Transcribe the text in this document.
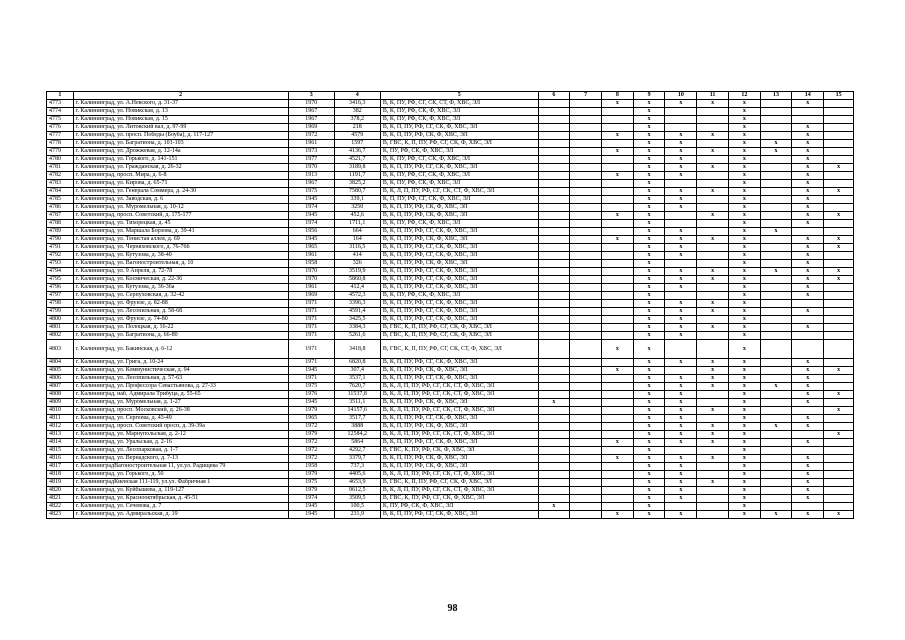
1	2	3	4	5	6	7	8	9	10	11	12	13	14	15
4773	г. Калининград, ул. А.Невского, д. 31-37	1970	3416,3	В, К, ПУ, РФ, СГ, СК, СТ, Ф, ХВС, ЭЛ			x	x	x	x	x		x	
4774	г. Калининград, ул. Новикская, д. 13	1967	382	В, К, ПУ, РФ, СК, Ф, ХВС, ЭЛ				x			x			
4775	г. Калининград, ул. Новикская, д. 15	1967	378,2	В, К, ПУ, РФ, СК, Ф, ХВС, ЭЛ				x			x			
4776	г. Калининград, ул. Литовский вал, д. 97-99	1969	218	В, К, П, ПУ, РФ, СГ, СК, Ф, ХВС, ЭЛ				x			x		x	
4777	г. Калининград, ул. просп. Победы (Боуба), д. 117-127	1972	4579	В, К, П, ПУ, РФ, СК, Ф, ХВС, ЭЛ			x	x	x	x	x		x	
4778	г. Калининград, ул. Багратиона, д. 101-103	1961	1597	В, ГВС, К, П, ПУ, РФ, СГ, СК, Ф, ХВС, ЭЛ				x	x		x	x	x	
4779	г. Калининград, ул. Дрожжевая, д. 12-14а	1973	4136,7	К, ПУ, РФ, СК, Ф, ХВС, ЭЛ			x	x	x	x	x	x	x	
4780	г. Калининград, ул. Горького, д. 141-151	1977	4521,7	В, К, ПУ, РФ, СГ, СК, Ф, ХВС, ЭЛ				x	x		x		x	
4781	г. Калининград, ул. Гражданская, д. 26-32	1970	3189,8	В, К, П, ПУ, РФ, СГ, СК, Ф, ХВС, ЭЛ				x	x	x	x		x	x
4782	г. Калининград, просп. Мира, д. 6-8	1913	1191,7	В, К, ПУ, РФ, СГ, СК, Ф, ХВС, ЭЛ			x	x	x		x		x	
4783	г. Калининград, ул. Кирова, д. 65-71	1967	3825,2	В, К, ПУ, РФ, СК, Ф, ХВС, ЭЛ				x			x		x	
4784	г. Калининград, ул. Генерала Соммера, д. 24-30	1975	7580,7	В, К, Л, П, ПУ, РФ, СГ, СК, СТ, Ф, ХВС, ЭЛ				x	x	x	x		x	x
4785	г. Калининград, ул. Заводская, д. 6	1945	339,1	К, П, ПУ, РФ, СГ, СК, Ф, ХВС, ЭЛ				x	x		x		x	
4786	г. Калининград, ул. Муромельная, д. 10-12	1974	3250	В, К, П, ПУ, РФ, СК, Ф, ХВС, ЭЛ				x	x		x		x	
4787	г. Калининград, просп. Советский, д. 175-177	1945	452,6	В, К, П, ПУ, РФ, СК, Ф, ХВС, ЭЛ			x	x		x	x		x	x
4788	г. Калининград, ул. Тихорецкая, д. 45	1974	1711,1	В, К, ПУ, РФ, СК, Ф, ХВС, ЭЛ				x			x		x	
4789	г. Калининград, ул. Маршала Борзова, д. 39-41	1956	664	В, К, П, ПУ, РФ, СГ, СК, Ф, ХВС, ЭЛ				x	x		x	x		
4790	г. Калининград, ул. Тенистая аллея, д. 69	1945	164	В, К, П, ПУ, РФ, СК, Ф, ХВС, ЭЛ			x	x	x	x	x		x	x
4791	г. Калининград, ул. Черняховского, д. 76-76б	1965	3116,5	В, К, П, ПУ, РФ, СГ, СК, Ф, ХВС, ЭЛ				x	x		x		x	x
4792	г. Калининград, ул. Кутузова, д. 38-40	1961	414	В, К, П, ПУ, РФ, СГ, СК, Ф, ХВС, ЭЛ				x	x		x		x	
4793	г. Калининград, ул. Вагоностроительная, д. 10	1958	326	В, К, П, ПУ, РФ, СК, Ф, ХВС, ЭЛ				x			x		x	
4794	г. Калининград, ул. 9 Апреля, д. 72-78	1970	3519,9	В, К, П, ПУ, РФ, СГ, СК, Ф, ХВС, ЭЛ				x	x	x	x	x	x	x
4795	г. Калининград, ул. Космическая, д. 22-36	1970	5860,8	В, К, П, ПУ, РФ, СГ, СК, Ф, ХВС, ЭЛ				x	x	x	x		x	x
4796	г. Калининград, ул. Кутузова, д. 36-36а	1961	412,4	В, К, П, ПУ, РФ, СГ, СК, Ф, ХВС, ЭЛ				x	x		x		x	
4797	г. Калининград, ул. Серпуховская, д. 32-42	1969	4572,3	В, К, ПУ, РФ, СК, Ф, ХВС, ЭЛ				x			x		x	
4798	г. Калининград, ул. Фрунзе, д. 82-88	1971	3396,3	В, К, П, ПУ, РФ, СГ, СК, Ф, ХВС, ЭЛ				x	x	x	x			
4799	г. Калининград, ул. Лесопильная, д. 58-68	1971	4591,4	В, К, П, ПУ, РФ, СГ, СК, Ф, ХВС, ЭЛ				x	x	x	x		x	
4800	г. Калининград, ул. Фрунзе, д. 74-80	1971	3425,5	В, К, П, ПУ, РФ, СГ, СК, Ф, ХВС, ЭЛ				x	x		x			
4801	г. Калининград, ул. Полоцкая, д. 16-22	1971	3384,3	В, ГВС, К, П, ПУ, РФ, СГ, СК, Ф, ХВС, ЭЛ				x	x	x	x		x	
4802	г. Калининград, ул. Багратиона, д. 66-80	1971	5261,6	В, ГВС, К, П, ПУ, РФ, СГ, СК, Ф, ХВС, ЭЛ				x	x		x			
4803	г. Калининград, ул. Бакинская, д. 6-12	1971	3418,8	В, ГВС, К, П, ПУ, РФ, СГ, СК, СТ, Ф, ХВС, ЭЛ			x	x			x			
4804	г. Калининград, ул. Грига, д. 10-24	1971	6820,8	В, К, П, ПУ, РФ, СГ, СК, Ф, ХВС, ЭЛ				x	x	x	x		x	
4805	г. Калининград, ул. Коммунистическая, д. 94	1945	307,4	В, К, П, ПУ, РФ, СК, Ф, ХВС, ЭЛ			x	x		x	x		x	x
4806	г. Калининград, ул. Лесопильная, д. 57-63	1971	3537,1	В, К, П, ПУ, РФ, СГ, СК, Ф, ХВС, ЭЛ				x	x	x	x		x	
4807	г. Калининград, ул. Профессора Севастьянова, д. 27-33	1975	7620,7	В, К, Л, П, ПУ, РФ, СГ, СК, СТ, Ф, ХВС, ЭЛ				x	x	x	x	x	x	
4808	г. Калининград, наб. Адмирала Трибуца, д. 55-65	1976	11537,8	В, К, Л, П, ПУ, РФ, СГ, СК, СТ, Ф, ХВС, ЭЛ				x	x		x		x	x
4809	г. Калининград, ул. Муромельная, д. 1-27	1945	3511,1	В, К, П, ПУ, РФ, СК, Ф, ХВС, ЭЛ	x			x	x		x		x	
4810	г. Калининград, просп. Московский, д. 26-38	1979	14157,6	В, К, Л, П, ПУ, РФ, СГ, СК, СТ, Ф, ХВС, ЭЛ				x	x	x	x			x
4811	г. Калининград, ул. Сергеева, д. 43-49	1965	3517,7	В, К, П, ПУ, РФ, СГ, СК, Ф, ХВС, ЭЛ				x	x		x		x	
4812	г. Калининград, просп. Советский просп, д. 39-39а	1972	3888	В, К, П, ПУ, РФ, СК, Ф, ХВС, ЭЛ				x	x	x	x	x	x	
4813	г. Калининград, ул. Марнупольская, д. 2-12	1979	12584,2	В, К, Л, П, ПУ, РФ, СГ, СК, СТ, Ф, ХВС, ЭЛ				x	x	x	x			x
4814	г. Калининград, ул. Уральская, д. 2-16	1972	5864	В, К, П, ПУ, РФ, СГ, СК, Ф, ХВС, ЭЛ			x	x	x	x	x		x	
4815	г. Калининград, ул. Лесопарковая, д. 1-7	1972	4292,7	В, ГВС, К, ПУ, РФ, СК, Ф, ХВС, ЭЛ				x			x			
4816	г. Калининград, ул. Вернадского, д. 7-13	1972	3379,7	В, К, П, ПУ, РФ, СК, Ф, ХВС, ЭЛ			x	x	x	x	x		x	
4817	г. КалининградВагоностроительная 11, ул.ул. Радищева 79	1958	737,3	В, К, П, ПУ, РФ, СК, Ф, ХВС, ЭЛ				x	x		x		x	
4818	г. Калининград, ул. Горького, д. 50	1979	4405,6	В, К, Л, П, ПУ, РФ, СГ, СК, СТ, Ф, ХВС, ЭЛ				x	x		x		x	
4819	г. КалининградКиевская 111-119, ул.ул. Фабричная 1	1975	4653,9	В, ГВС, К, П, ПУ, РФ, СГ, СК, Ф, ХВС, ЭЛ				x	x	x	x		x	
4820	г. Калининград, ул. Куйбышева, д. 119-127	1979	9612,5	В, К, Л, П, ПУ, РФ, СГ, СК, СТ, Ф, ХВС, ЭЛ				x	x		x		x	
4821	г. Калининград, ул. Краснооктябрьская, д. 45-51	1974	3509,5	В, ГВС, К, ПУ, РФ, СГ, СК, Ф, ХВС, ЭЛ				x	x		x		x	
4822	г. Калининград, ул. Сечевова, д. 7	1945	100,5	К, ПУ, РФ, СК, Ф, ХВС, ЭЛ	x			x			x			
4823	г. Калининград, ул. Адмиральская, д. 19	1945	231,9	В, К, П, ПУ, РФ, СГ, СК, Ф, ХВС, ЭЛ			x	x	x		x	x	x	x
98
